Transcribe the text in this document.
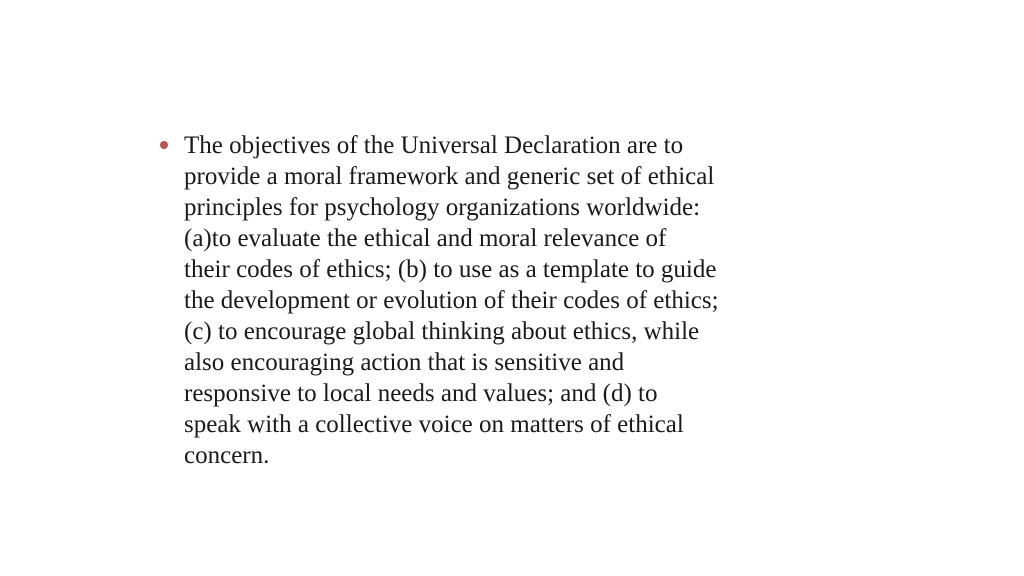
The objectives of the Universal Declaration are to
provide a moral framework and generic set of ethical
principles for psychology organizations worldwide:
(a)to evaluate the ethical and moral relevance of
their codes of ethics; (b) to use as a template to guide
the development or evolution of their codes of ethics;
(c) to encourage global thinking about ethics, while
also encouraging action that is sensitive and
responsive to local needs and values; and (d) to
speak with a collective voice on matters of ethical
concern.
